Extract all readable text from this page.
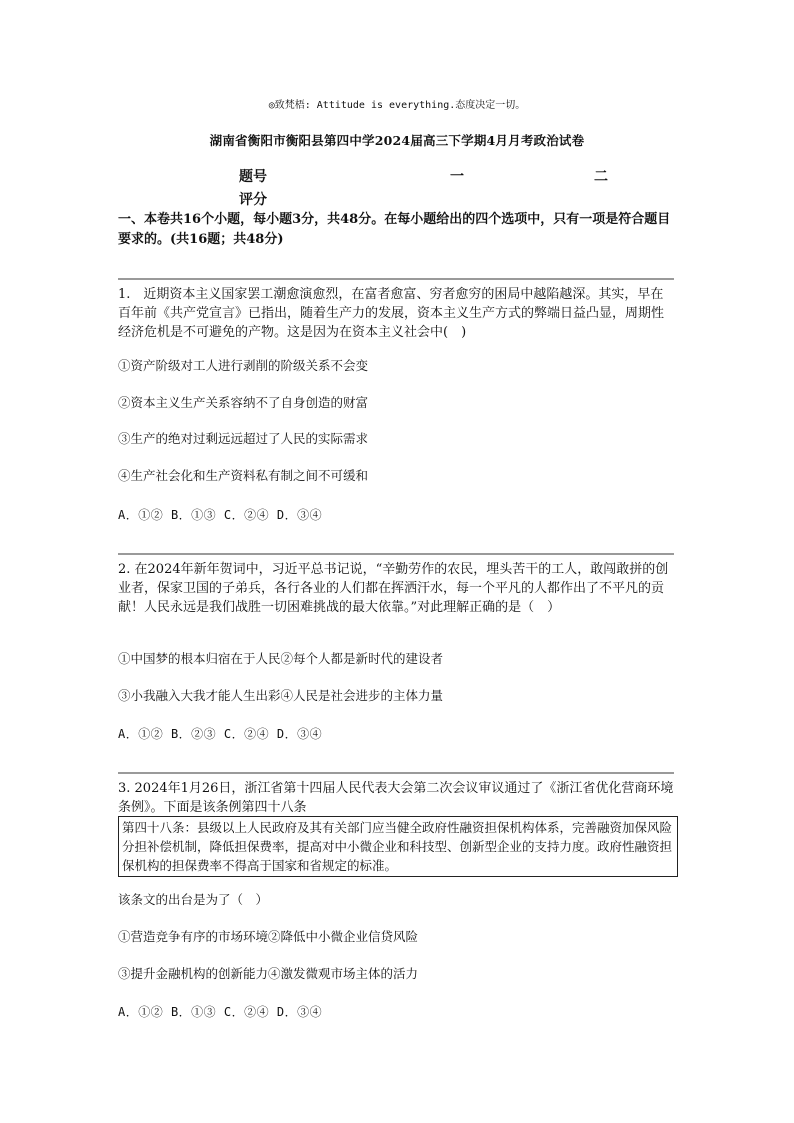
◎致梵梧: Attitude is everything.态度决定一切。
湖南省衡阳市衡阳县第四中学2024届高三下学期4月月考政治试卷
题号	一	二
评分
一、本卷共16个小题，每小题3分，共48分。在每小题给出的四个选项中，只有一项是符合题目要求的。(共16题；共48分)
1.　近期资本主义国家罢工潮愈演愈烈，在富者愈富、穷者愈穷的困局中越陷越深。其实，早在百年前《共产党宣言》已指出，随着生产力的发展，资本主义生产方式的弊端日益凸显，周期性经济危机是不可避免的产物。这是因为在资本主义社会中(　)
①资产阶级对工人进行剥削的阶级关系不会变
②资本主义生产关系容纳不了自身创造的财富
③生产的绝对过剩远远超过了人民的实际需求
④生产社会化和生产资料私有制之间不可缓和
A．①② B．①③ C．②④ D．③④
2. 在2024年新年贺词中，习近平总书记说，“辛勤劳作的农民，埋头苦干的工人，敢闯敢拼的创业者，保家卫国的子弟兵，各行各业的人们都在挥洒汗水，每一个平凡的人都作出了不平凡的贡献！人民永远是我们战胜一切困难挑战的最大依靠。”对此理解正确的是（　）
①中国梦的根本归宿在于人民②每个人都是新时代的建设者
③小我融入大我才能人生出彩④人民是社会进步的主体力量
A．①② B．②③ C．②④ D．③④
3. 2024年1月26日，浙江省第十四届人民代表大会第二次会议审议通过了《浙江省优化营商环境条例》。下面是该条例第四十八条
第四十八条：县级以上人民政府及其有关部门应当健全政府性融资担保机构体系，完善融资加保风险分担补偿机制，降低担保费率，提高对中小微企业和科技型、创新型企业的支持力度。政府性融资担保机构的担保费率不得高于国家和省规定的标准。
该条文的出台是为了（　）
①营造竞争有序的市场环境②降低中小微企业信贷风险
③提升金融机构的创新能力④激发微观市场主体的活力
A．①② B．①③ C．②④ D．③④
